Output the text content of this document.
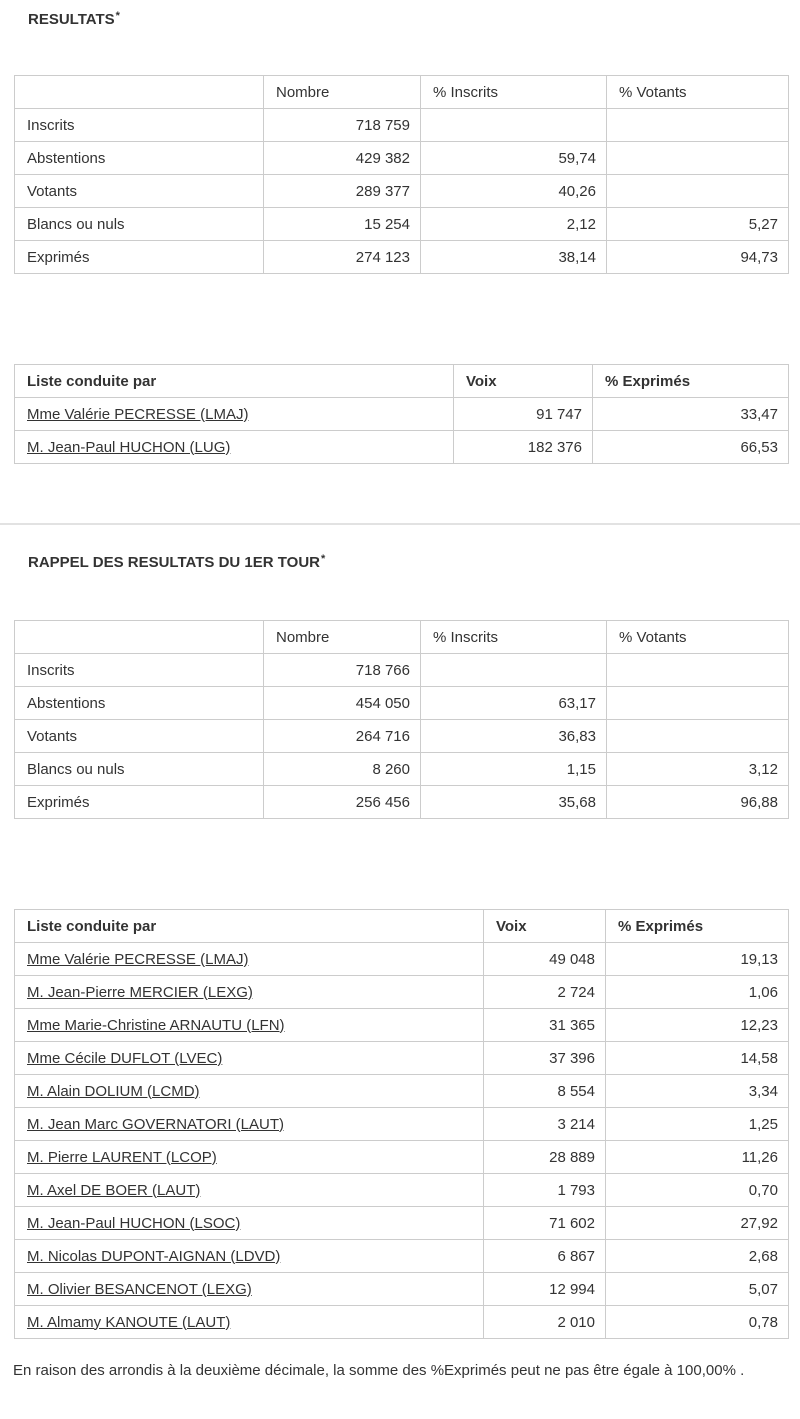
RESULTATS*
	Nombre	% Inscrits	% Votants
Inscrits	718 759		
Abstentions	429 382	59,74	
Votants	289 377	40,26	
Blancs ou nuls	15 254	2,12	5,27
Exprimés	274 123	38,14	94,73
Liste conduite par	Voix	% Exprimés
Mme Valérie PECRESSE (LMAJ)	91 747	33,47
M. Jean-Paul HUCHON (LUG)	182 376	66,53
RAPPEL DES RESULTATS DU 1ER TOUR*
	Nombre	% Inscrits	% Votants
Inscrits	718 766		
Abstentions	454 050	63,17	
Votants	264 716	36,83	
Blancs ou nuls	8 260	1,15	3,12
Exprimés	256 456	35,68	96,88
Liste conduite par	Voix	% Exprimés
Mme Valérie PECRESSE (LMAJ)	49 048	19,13
M. Jean-Pierre MERCIER (LEXG)	2 724	1,06
Mme Marie-Christine ARNAUTU (LFN)	31 365	12,23
Mme Cécile DUFLOT (LVEC)	37 396	14,58
M. Alain DOLIUM (LCMD)	8 554	3,34
M. Jean Marc GOVERNATORI (LAUT)	3 214	1,25
M. Pierre LAURENT (LCOP)	28 889	11,26
M. Axel DE BOER (LAUT)	1 793	0,70
M. Jean-Paul HUCHON (LSOC)	71 602	27,92
M. Nicolas DUPONT-AIGNAN (LDVD)	6 867	2,68
M. Olivier BESANCENOT (LEXG)	12 994	5,07
M. Almamy KANOUTE (LAUT)	2 010	0,78
En raison des arrondis à la deuxième décimale, la somme des %Exprimés peut ne pas être égale à 100,00% .
